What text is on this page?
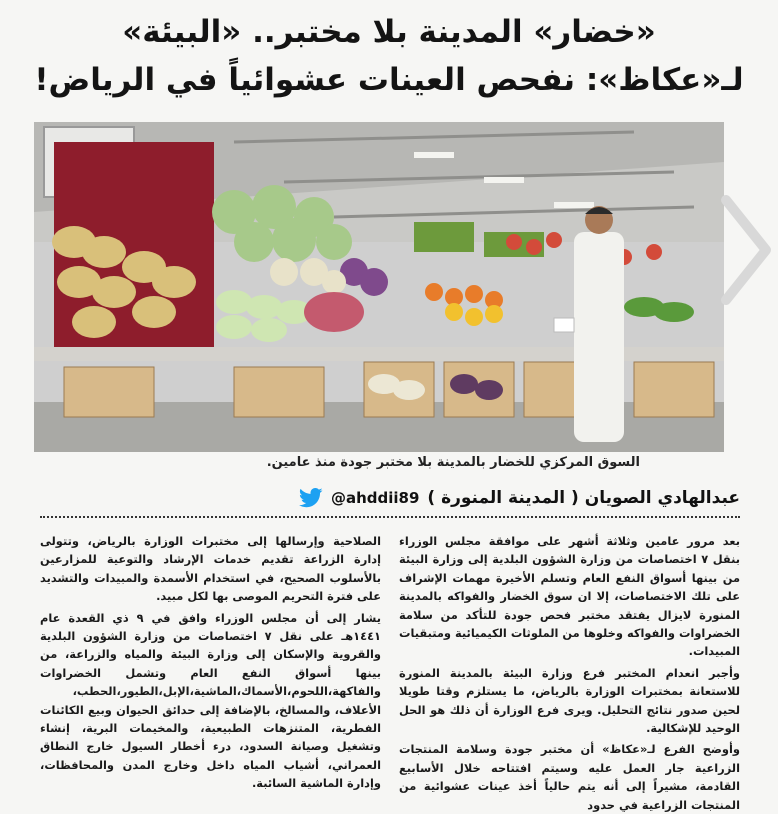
«خضار» المدينة بلا مختبر.. «البيئة»
لـ«عكاظ»: نفحص العينات عشوائياً في الرياض!
السوق المركزي للخضار بالمدينة بلا مختبر جودة منذ عامين.
عبدالهادي الصويان ( المدينة المنورة )
@ahddii89

بعد مرور عامين وثلاثة أشهر على موافقة مجلس الوزراء بنقل ٧ اختصاصات من وزارة الشؤون البلدية إلى وزارة البيئة من بينها أسواق النفع العام وتسلم الأخيرة مهمات الإشراف على تلك الاختصاصات، إلا ان سوق الخضار والفواكه بالمدينة المنورة لايزال يفتقد مختبر فحص جودة للتأكد من سلامة الخضراوات والفواكه وخلوها من الملوثات الكيميائية ومتبقيات المبيدات.

وأجبر انعدام المختبر فرع وزارة البيئة بالمدينة المنورة للاستعانة بمختبرات الوزارة بالرياض، ما يستلزم وقتا طويلا لحين صدور نتائج التحليل. ويرى فرع الوزارة أن ذلك هو الحل الوحيد للإشكالية.

وأوضح الفرع لـ«عكاظ» أن مختبر جودة وسلامة المنتجات الزراعية جار العمل عليه وسيتم افتتاحه خلال الأسابيع القادمة، مشيراً إلى أنه يتم حالياً أخذ عينات عشوائية من المنتجات الزراعية في حدود

الصلاحية وإرسالها إلى مختبرات الوزارة بالرياض، وتتولى إدارة الزراعة تقديم خدمات الإرشاد والتوعية للمزارعين بالأسلوب الصحيح، في استخدام الأسمدة والمبيدات والتشديد على فترة التحريم الموصى بها لكل مبيد.

يشار إلى أن مجلس الوزراء وافق في ٩ ذي القعدة عام ١٤٤١هـ على نقل ٧ اختصاصات من وزارة الشؤون البلدية والقروية والإسكان إلى وزارة البيئة والمياه والزراعة، من بينها أسواق النفع العام وتشمل الخضراوات والفاكهة،اللحوم،الأسماك،الماشية،الإبل،الطيور،الحطب، الأعلاف، والمسالخ، بالإضافة إلى حدائق الحيوان وبيع الكائنات الفطرية، المتنزهات الطبيعية، والمخيمات البرية، إنشاء وتشغيل وصيانة السدود، درء أخطار السيول خارج النطاق العمراني، أشياب المياه داخل وخارج المدن والمحافظات، وإدارة الماشية السائبة.
